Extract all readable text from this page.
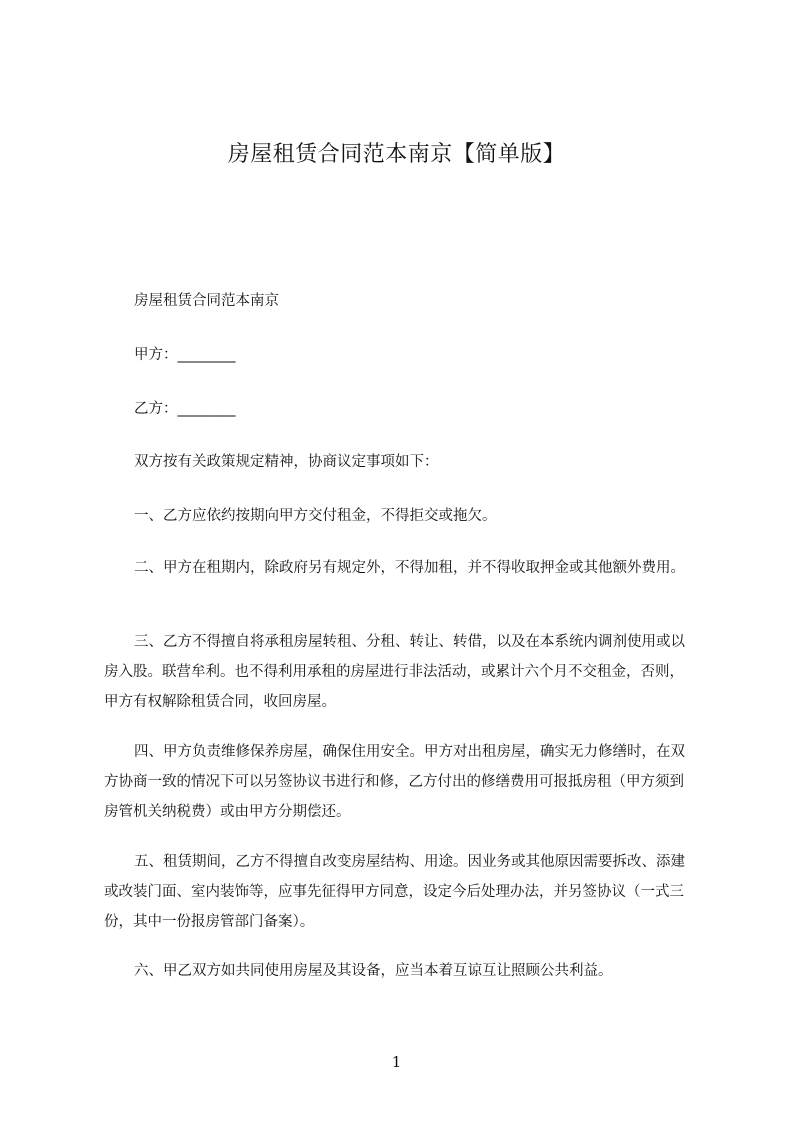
房屋租赁合同范本南京【简单版】

房屋租赁合同范本南京

甲方：________

乙方：________

双方按有关政策规定精神，协商议定事项如下：

一、乙方应依约按期向甲方交付租金，不得拒交或拖欠。

二、甲方在租期内，除政府另有规定外，不得加租，并不得收取押金或其他额外费用。

三、乙方不得擅自将承租房屋转租、分租、转让、转借，以及在本系统内调剂使用或以房入股。联营牟利。也不得利用承租的房屋进行非法活动，或累计六个月不交租金，否则，甲方有权解除租赁合同，收回房屋。

四、甲方负责维修保养房屋，确保住用安全。甲方对出租房屋，确实无力修缮时，在双方协商一致的情况下可以另签协议书进行和修，乙方付出的修缮费用可报抵房租（甲方须到房管机关纳税费）或由甲方分期偿还。

五、租赁期间，乙方不得擅自改变房屋结构、用途。因业务或其他原因需要拆改、添建或改装门面、室内装饰等，应事先征得甲方同意，设定今后处理办法，并另签协议（一式三份，其中一份报房管部门备案）。

六、甲乙双方如共同使用房屋及其设备，应当本着互谅互让照顾公共利益。

1
